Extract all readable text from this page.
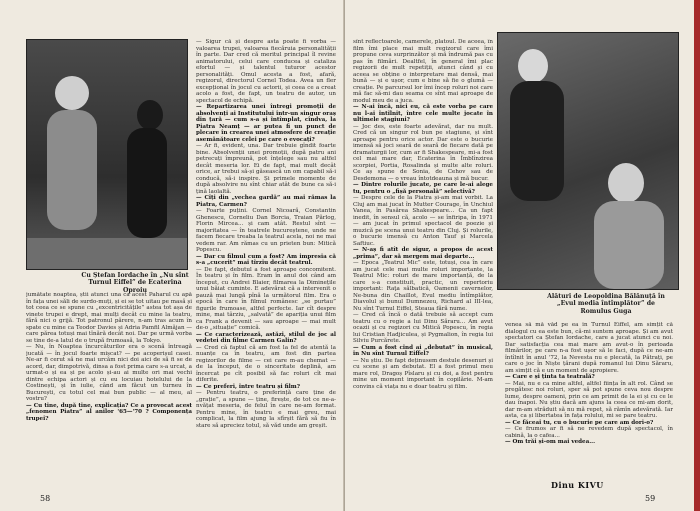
Cu Ștefan Iordache în „Nu sînt Turnul Eiffel” de Ecaterina Oproiu

jumătate noaptea, știi atunci una ca acest Paharul cu apă în fața unei săli de surdo-muți, și ei se tot uitau pe masă și tot ceea ce se spune cu „excentricitățile” astea tot așa de vinete trupei e drept, mai mulți decât cu mine la teatru, fără nici o grijă. Tot patronul părere, n-am tras acum în spate cu mine ca Teodor Davies și Adria Pamfil Almăjan — care părea totuși mai tînără decât noi. Dar pe urmă vorba se tine de-a latul de o trupă frumoasă, la Tokyo.

— Nu, în Noaptea încurcăturilor era o scenă întreagă jucată — în jocul foarte mișcat? — pe acoperișul casei. Ne-ar fi cerut să ne mai urcăm nici doi aici de să fi se de acord, dar, dimpotrivă, dinsa a fost prima care s-a urcat, a urmat-o și ea și pe acolo și-au ai multe ori mai vechi dintre echipa actori și cu eu locuiau hotelului de la Costinești, și în iulie, când am făcut un turneu în București, cu totul cel mai bun public — al meu, al vostru?

— Cu tine, după tine, explicația? Ce a provocat acest „fenomen Piatra” al anilor '65—'70 ? Componența trupei?

— Sigur că și despre asta poate fi vorba — valoarea trupei, valoarea fiecăruia personalității în parte. Dar cred că meritul principal îl revine animatorului, celui care conducea și cataliza efortul — și talentul tuturor acestor personalități. Omul acesta a fost, afară, regizorul, directorul Cornel Todea. Avea un fler excepțional în jocul cu actorii, și ceea ce a creat acolo a fost, de fapt, un teatru de autor, un spectacol de echipă.

— Repartizarea unei întregi promoții de absolvenți ai Institutului într-un singur oraș din țară — cum s-a și întîmplat, cîndva, la Piatra Neamț — ar putea fi un punct de plecare în crearea unei atmosfere de creație asemănătoare celei pe care o evocați?

— Ar fi, evident, una. Dar trebuie gîndit foarte bine. Absolvenții unei promoții, după patru ani petrecuți împreună, pot înțelege sau nu altfel decât meseria lor. Ei de fapt, mai mult decât orice, ar trebui să-și găsească un om capabil să-i conducă, să-i inspire. Și primele momente de după absolvire nu sînt chiar atât de bune ca să-i țină laolaltă.

— Cîți din „vechea gardă” au mai rămas la Piatra, Carmen?

— Foarte puțini. Cornel Nicoară, Constantin Ghenescu, Corneliu Dan Borcia, Traian Părlog, Florin Mircea... și cam atât. Restul sînt — majoritatea — în teatrele bucureștene, unde ne facem fiecare treaba la teatrul acela, noi ne mai vedem rar. Am rămas cu un prieten bun: Mitică Popescu.

— Dar cu filmul cum a fost? Am impresia că s-a „cucerit” mai tîrziu decât teatrul.

— De fapt, debutul a fost aproape concomitent. În teatru și în film. Eram în anul doi când am început, cu Andrei Blaier, filmarea la Diminețile unui băiat cuminte. E adevărat că a intervenit o pauză mai lungă pînă la următorul film. Era o epocă în care în filmul românesc „se purtau” figurile frumoase, altfel perfecte. Iar cît despre mine, mai târziu, „salvată” de apariția unui film ca Frank a devenit — sau aproape — mai mult de-o „situație” comică.

— Ce caracterizează, astăzi, stilul de joc al vedetei din filme Carmen Galin?

— Cred că faptul că am fost la fel de atentă la nuanțe ca în teatru, am fost din partea regizorilor de filme — cei care m-au chemat — de la început, de o sinceritate deplină, am încercat pe cît posibil să fac roluri cît mai diferite.

— Ce preferi, între teatru și film?

— Pentru teatru, o preferință care ține de „grație”, a spune — ține, firește, de tot ce ne-a-nvățat meseria, de felul în care ne-am format. Pentru mine, în teatru e mai greu, mai complicat, la film ajung la sfîrșit fără să fiu în stare să apreciez totul, să văd unde am greșit.

58

sînt reflectoarele, camerele, platoul. De aceea, în film îmi place mai mult regizorul care îmi propune ceva surprinzător și mă îndrumă pas cu pas în filmări. Dealtfel, în general îmi plac regizorii de mult repetiții, atunci când și cu aceea se obține o interpretare mai densă, mai bună — și e ușor, cum e bine să fie o glumă — creație. Pe parcursul lor îmi încep roluri noi care mă fac să-mi dau seama ce sînt mai aproape de modul meu de a juca.

— N-ai încă, nici eu, că este vorba pe care nu l-ai întîlnit, între cele multe jocate în ultimele stagiuni?

— Joc des, este foarte adevărat, dar nu mult. Cred că un singur rol bun pe stagiune, și sînt aproape pentru orice actor. Dar este o bucurie imensă să joci seară de seară de fiecare dată pe dramaturgii lor, cum ar fi Shakespeare, mi-a fost cel mai mare dar, Ecaterina în Îmblînzirea scorpiei, Portia, Rosalinda și multe alte roluri. Ce aș spune de Sonia, de Cehov sau de Desdemona — o vreau întotdeauna și mă bucur.

— Dintre rolurile jucate, pe care le-ai alege tu, pentru o „fișă personală” selectivă?

— Despre cele de la Piatra și-am mai vorbit. La Cluj am mai jucat în Mutter Courage, în Unchiul Vanea, în Pasărea Shakespeare... Ca un fapt inedit, în sensul că, acolo — se înfiripa, în 1971 — am jucat în primul spectacol de poezie și muzică pe scena unui teatru din Cluj. Și rolurile, o bucurie imensă cu Anton Tauf și Marcela Saftiuc.

— N-aș fi atît de sigur, a propos de acest „prima”, dar să mergem mai departe...

— Epoca „Teatrul Mic” este, totuși, cea în care am jucat cele mai multe roluri importante, la Teatrul Mic: roluri de mare importanță, de la care s-a constituit, practic, un repertoriu important: Raţa sălbatică, Oamenii cavernelor, Ne-buna din Chaillot, Evul mediu întîmplător, Diavolul și bunul Dumnezeu, Richard al III-lea, Nu sînt Turnul Eiffel, Steaua fără nume.

— Cred că încă o dată trebuie să accept cum teatru cu o regie a lui Dinu Săraru... Am avut ocazii și cu regizori cu Mitică Popescu, în regia lui Cristian Hadjiculea, și Pygmalion, în regia lui Silviu Purcărete.

— Cum a fost cînd ai „debutat” în musical, în Nu sînt Turnul Eiffel?

— Nu știu. De fapt deținusem destule desenuri și cu scene și am debutat. El a fost primul meu mare rol, Dragoș Pîslaru și cu doi, a fost pentru mine un moment important în copilărie. M-am convins că viața nu e doar teatru și film.

Alături de Leopoldina Bălănuță în „Evul media întîmplător” de Romulus Guga

venea să mă văd pe ea în Turnul Eiffel, am simțit că dialogul cu ea este bun, că-mi suntem aproape. Și am avut spectatori ca Ștefan Iordache, care a jucat atunci cu noi. Dar satisfacția cea mai mare am avut-o în perioada filmărilor, pe care n-a fost ușor să le faci, după ce ne-am întîlnit în anul '72, la Nevesta nu e plecată, la Pătrați, pe care o joc în Niște țărani după romanul lui Dinu Săraru, am simțit că e un moment de apropiere.

— Care e și ținta ta teatrală?

— Mai, nu e ca mine altfel, altfel ființa în alt rol. Când se pregătesc noi roluri, sper să pot spune ceva nou despre lume, despre oameni, prin ce am primit de la ei și cu ce le dau înapoi. Nu știu dacă am ajuns la ceea ce mi-am dorit, dar m-am străduit să nu mă repet, să rămîn adevărată. Iar asta, ca și libertatea în fața rolului, mi se pare teatru.

— Ce făceai tu, cu o bucurie pe care am dori-o?

— Ce frumos ar fi să ne revedem după spectacol, în cabină, la o cafea...

— Om trăi și-om mai vedea...

Dinu KIVU
59
